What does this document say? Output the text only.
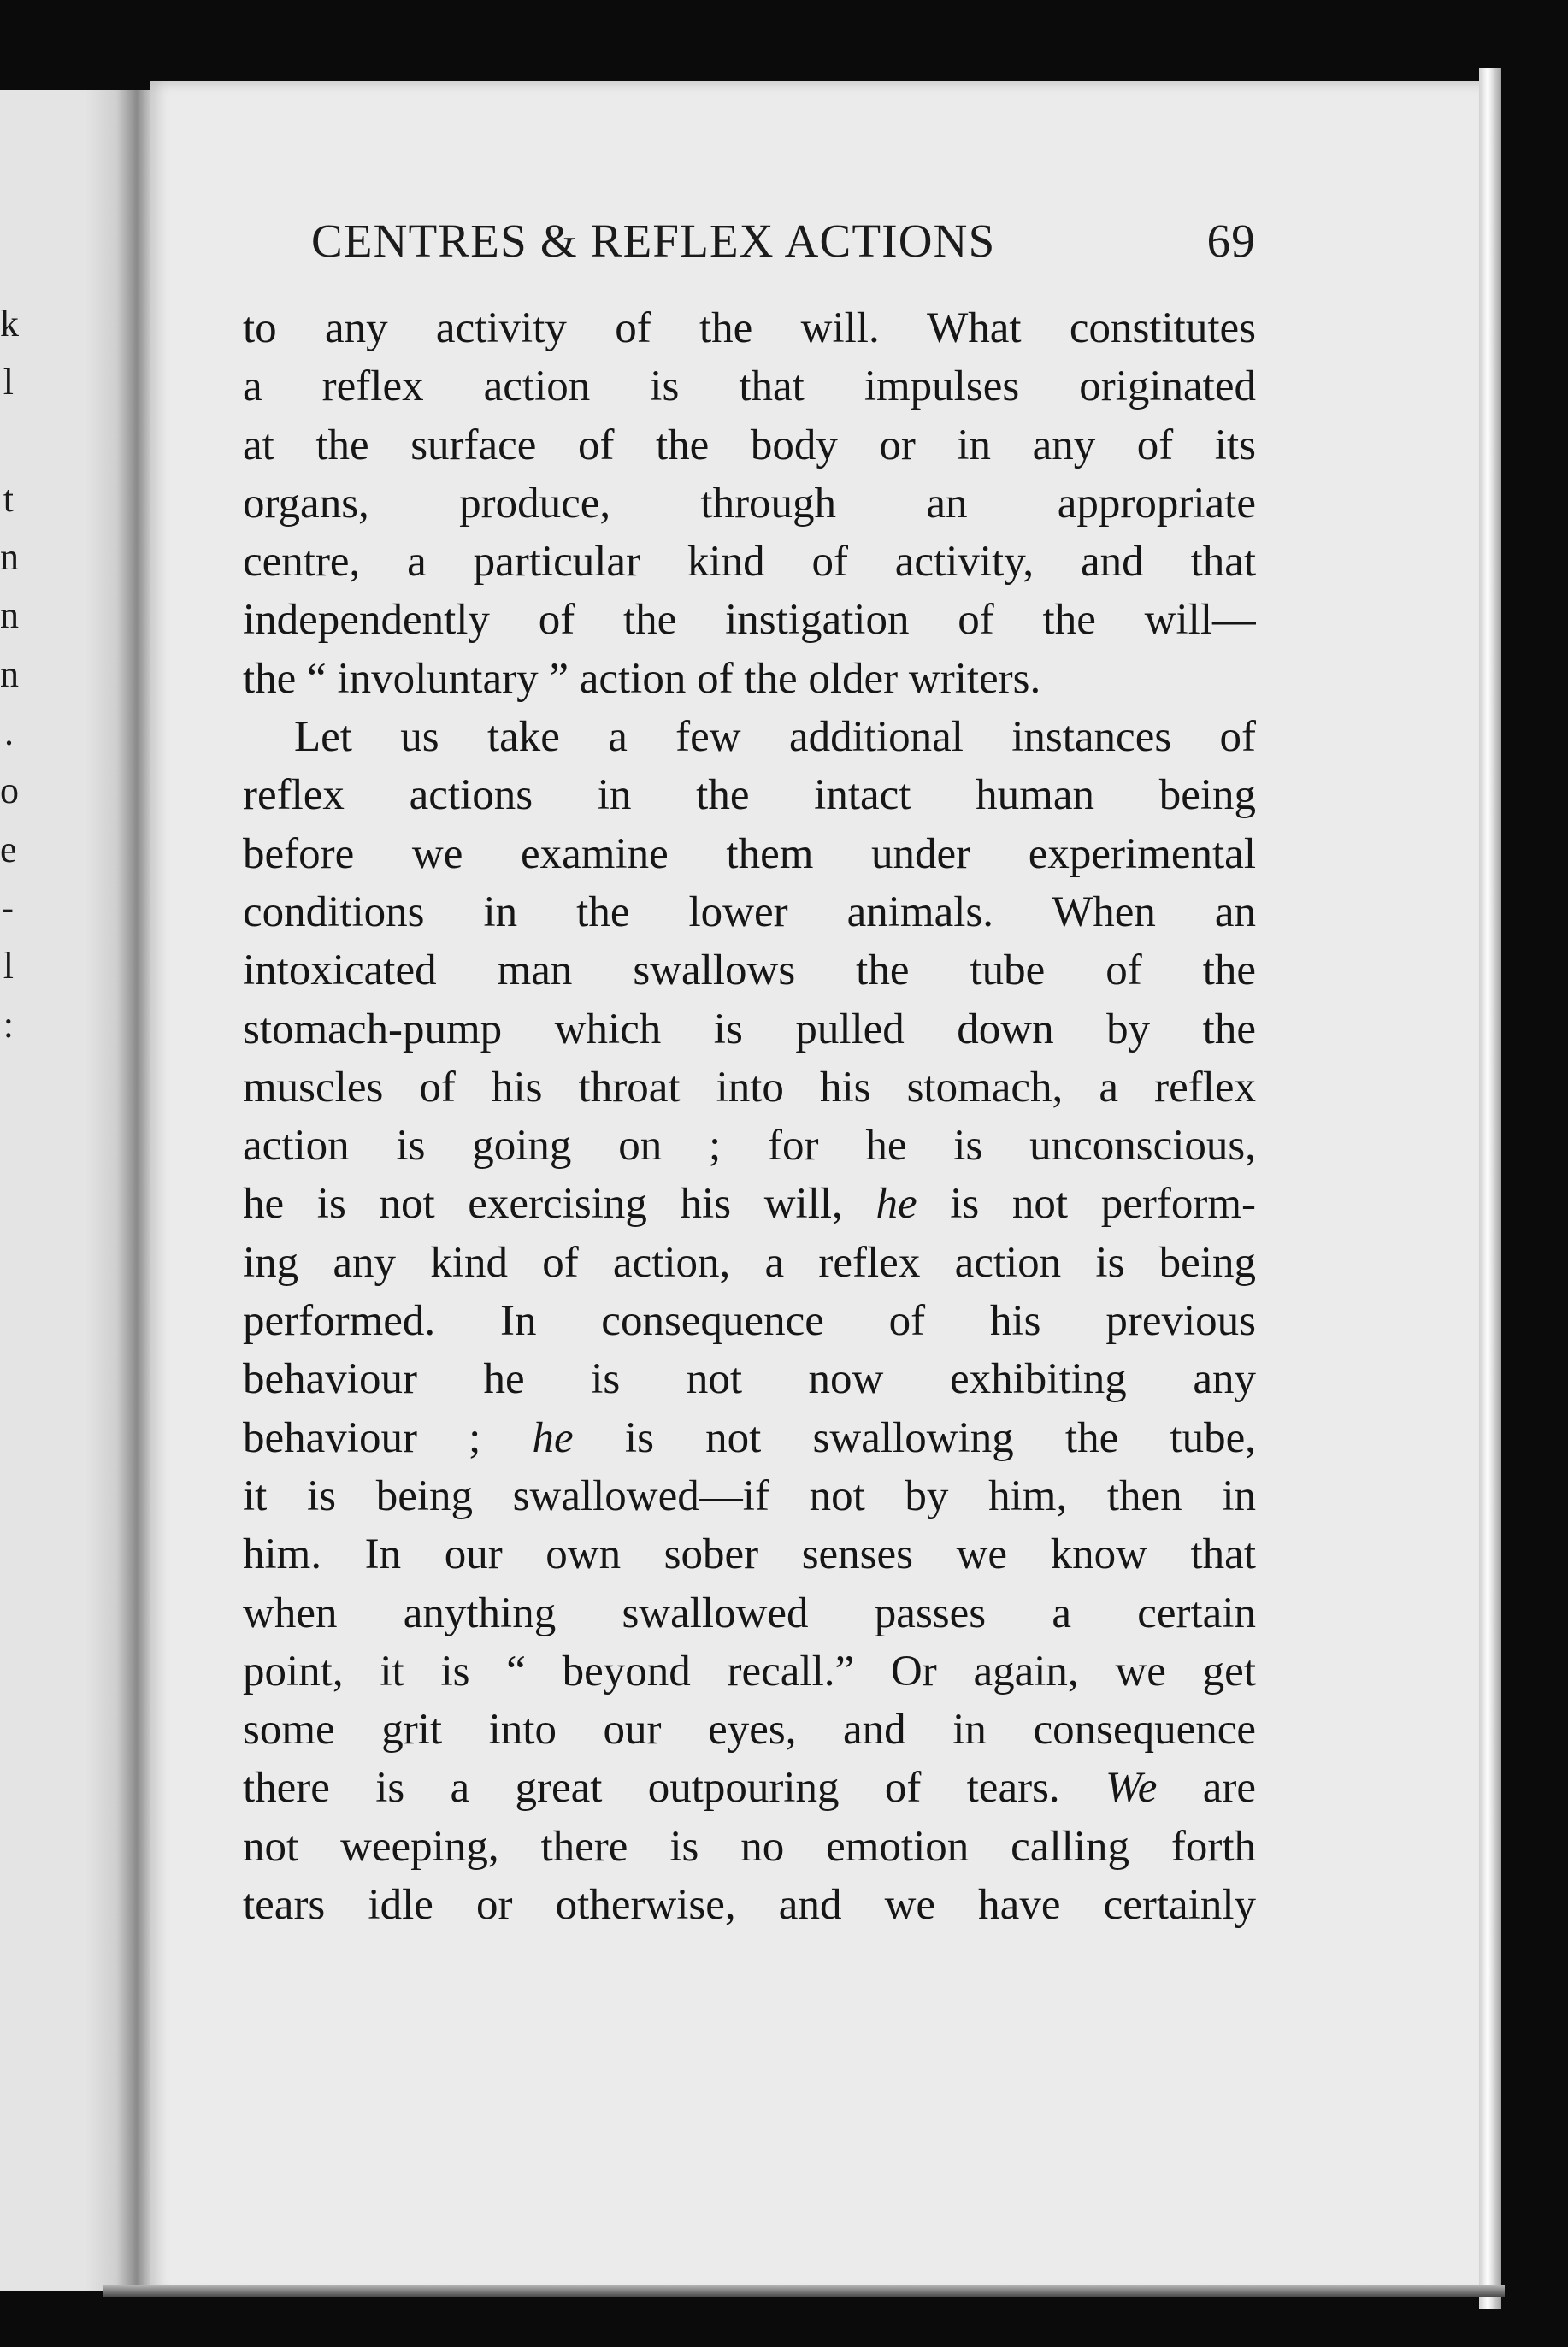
k
l
t
n
n
n
.
o
e
-
l
:
CENTRES & REFLEX ACTIONS	69
to any activity of the will. What constitutes
a reflex action is that impulses originated
at the surface of the body or in any of its
organs, produce, through an appropriate
centre, a particular kind of activity, and that
independently of the instigation of the will—
the “ involuntary ” action of the older writers.
Let us take a few additional instances of
reflex actions in the intact human being
before we examine them under experimental
conditions in the lower animals. When an
intoxicated man swallows the tube of the
stomach-pump which is pulled down by the
muscles of his throat into his stomach, a reflex
action is going on ; for he is unconscious,
he is not exercising his will, he is not perform-
ing any kind of action, a reflex action is being
performed. In consequence of his previous
behaviour he is not now exhibiting any
behaviour ; he is not swallowing the tube,
it is being swallowed—if not by him, then in
him. In our own sober senses we know that
when anything swallowed passes a certain
point, it is “ beyond recall.” Or again, we get
some grit into our eyes, and in consequence
there is a great outpouring of tears. We are
not weeping, there is no emotion calling forth
tears idle or otherwise, and we have certainly
